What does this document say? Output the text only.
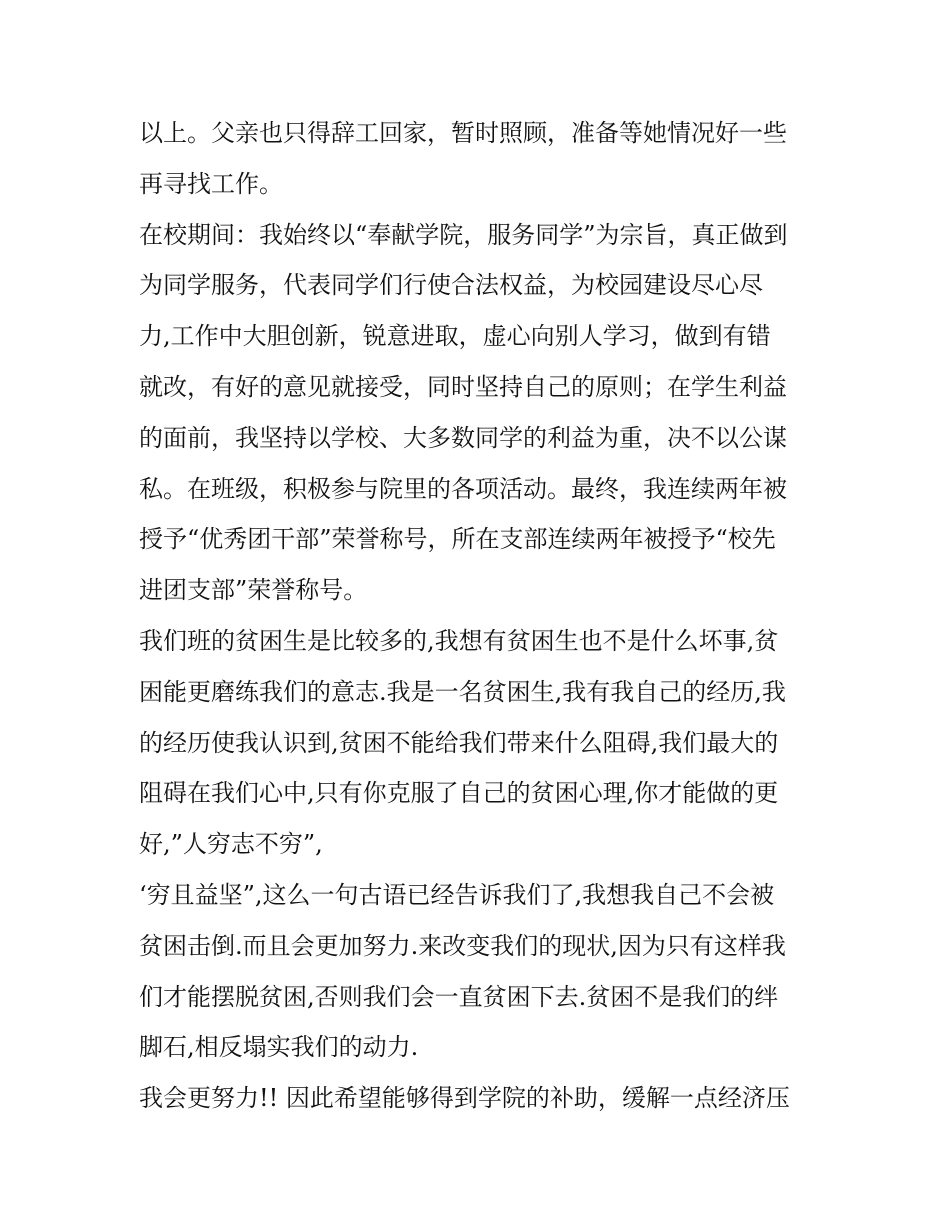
以上。父亲也只得辞工回家，暂时照顾，准备等她情况好一些
再寻找工作。
在校期间：我始终以“奉献学院，服务同学”为宗旨，真正做到
为同学服务，代表同学们行使合法权益，为校园建设尽心尽
力,工作中大胆创新，锐意进取，虚心向别人学习，做到有错
就改，有好的意见就接受，同时坚持自己的原则；在学生利益
的面前，我坚持以学校、大多数同学的利益为重，决不以公谋
私。在班级，积极参与院里的各项活动。最终，我连续两年被
授予“优秀团干部”荣誉称号，所在支部连续两年被授予“校先
进团支部”荣誉称号。
我们班的贫困生是比较多的,我想有贫困生也不是什么坏事,贫
困能更磨练我们的意志.我是一名贫困生,我有我自己的经历,我
的经历使我认识到,贫困不能给我们带来什么阻碍,我们最大的
阻碍在我们心中,只有你克服了自己的贫困心理,你才能做的更
好,”人穷志不穷”,
‘穷且益坚”,这么一句古语已经告诉我们了,我想我自己不会被
贫困击倒.而且会更加努力.来改变我们的现状,因为只有这样我
们才能摆脱贫困,否则我们会一直贫困下去.贫困不是我们的绊
脚石,相反塌实我们的动力.
我会更努力!! 因此希望能够得到学院的补助，缓解一点经济压
